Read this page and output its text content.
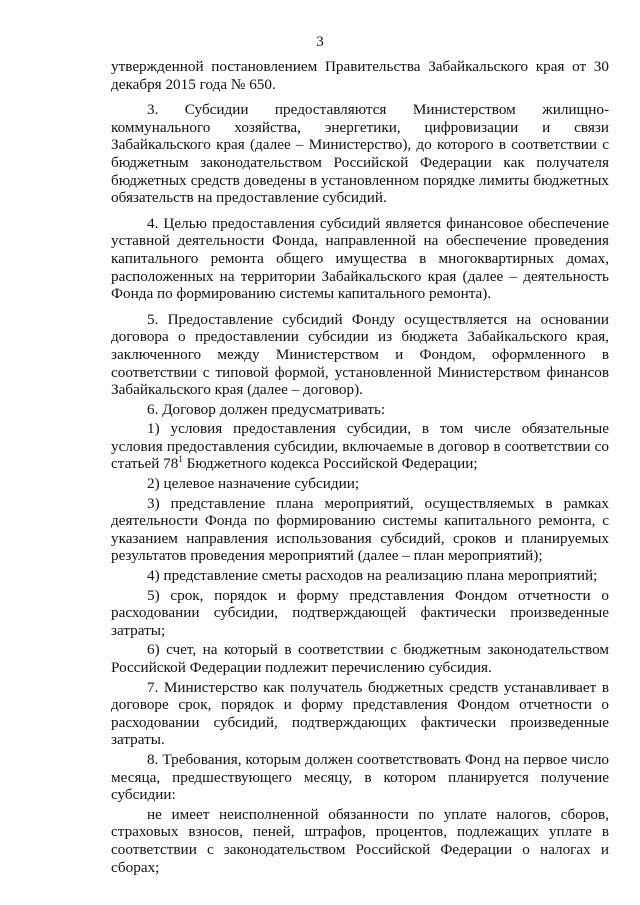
3

утвержденной постановлением Правительства Забайкальского края от 30 декабря 2015 года № 650.

3. Субсидии предоставляются Министерством жилищно-коммунального хозяйства, энергетики, цифровизации и связи Забайкальского края (далее – Министерство), до которого в соответствии с бюджетным законодательством Российской Федерации как получателя бюджетных средств доведены в установленном порядке лимиты бюджетных обязательств на предоставление субсидий.

4. Целью предоставления субсидий является финансовое обеспечение уставной деятельности Фонда, направленной на обеспечение проведения капитального ремонта общего имущества в многоквартирных домах, расположенных на территории Забайкальского края (далее – деятельность Фонда по формированию системы капитального ремонта).

5. Предоставление субсидий Фонду осуществляется на основании договора о предоставлении субсидии из бюджета Забайкальского края, заключенного между Министерством и Фондом, оформленного в соответствии с типовой формой, установленной Министерством финансов Забайкальского края (далее – договор).

6. Договор должен предусматривать:

1) условия предоставления субсидии, в том числе обязательные условия предоставления субсидии, включаемые в договор в соответствии со статьей $78^1$ Бюджетного кодекса Российской Федерации;

2) целевое назначение субсидии;

3) представление плана мероприятий, осуществляемых в рамках деятельности Фонда по формированию системы капитального ремонта, с указанием направления использования субсидий, сроков и планируемых результатов проведения мероприятий (далее – план мероприятий);

4) представление сметы расходов на реализацию плана мероприятий;

5) срок, порядок и форму представления Фондом отчетности о расходовании субсидии, подтверждающей фактически произведенные затраты;

6) счет, на который в соответствии с бюджетным законодательством Российской Федерации подлежит перечислению субсидия.

7. Министерство как получатель бюджетных средств устанавливает в договоре срок, порядок и форму представления Фондом отчетности о расходовании субсидий, подтверждающих фактически произведенные затраты.

8. Требования, которым должен соответствовать Фонд на первое число месяца, предшествующего месяцу, в котором планируется получение субсидии:

не имеет неисполненной обязанности по уплате налогов, сборов, страховых взносов, пеней, штрафов, процентов, подлежащих уплате в соответствии с законодательством Российской Федерации о налогах и сборах;
